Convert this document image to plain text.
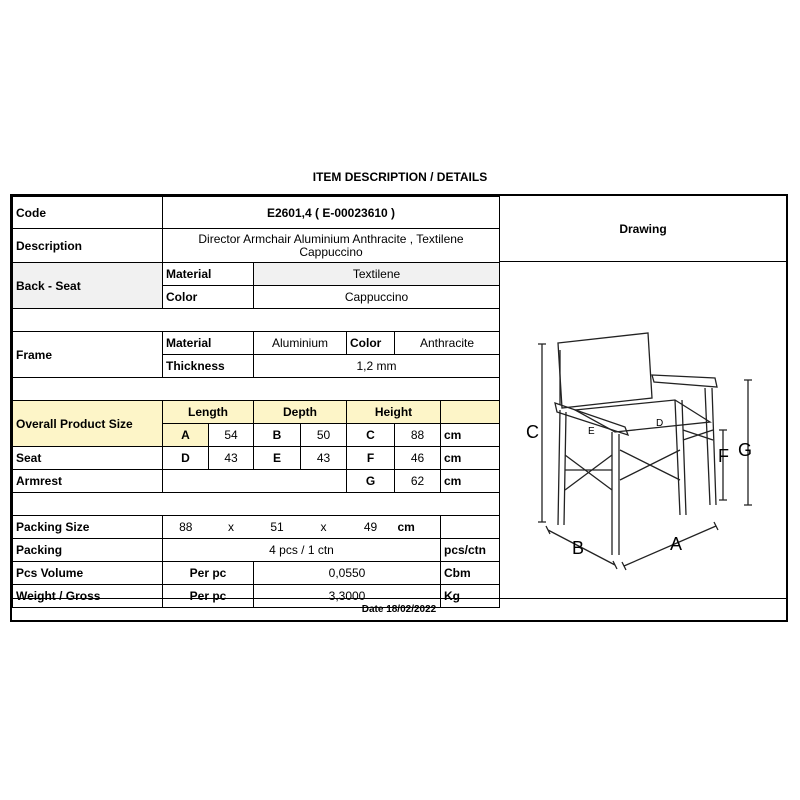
ITEM DESCRIPTION / DETAILS
Code	E2601,4 ( E-00023610 )						
Description	Director Armchair Aluminium Anthracite , Textilene Cappuccino						
Back - Seat	Material		Textilene				
	Color		Cappuccino				

Frame	Material		Aluminium		Color	Anthracite	
	Thickness		1,2 mm				

Overall Product Size	Length		Depth		Height		
	A	54	B	50	C	88	cm
Seat	D	43	E	43	F	46	cm
Armrest					G	62	cm

Packing Size	88	x	51	x	49	cm	
Packing	4 pcs / 1 ctn						pcs/ctn
Pcs Volume	Per pc		0,0550				Cbm
Weight / Gross	Per pc		3,3000				Kg
Drawing
C
B	A
G
F
E
D
Date 18/02/2022
